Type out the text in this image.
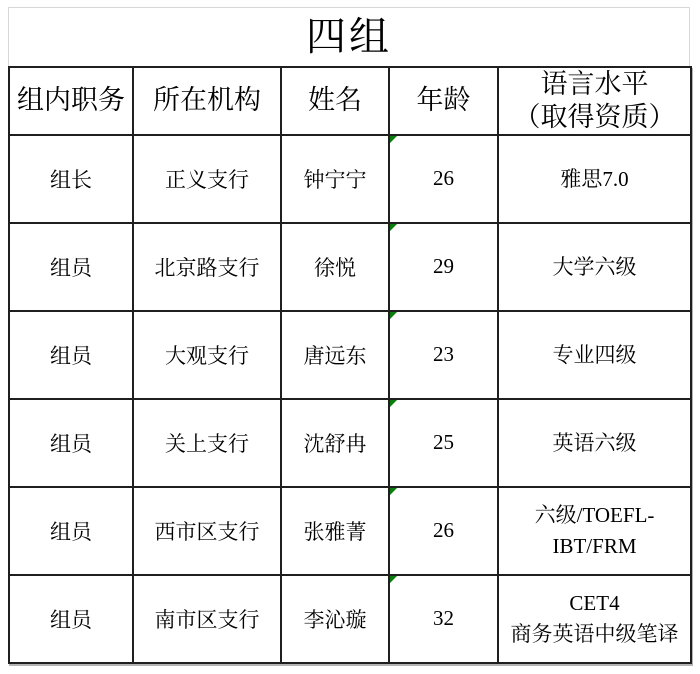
四组
组内职务	所在机构	姓名	年龄	语言水平
（取得资质）

组长	正义支行	钟宁宁	26	雅思7.0

组员	北京路支行	徐悦	29	大学六级

组员	大观支行	唐远东	23	专业四级

组员	关上支行	沈舒冉	25	英语六级

组员	西市区支行	张雅菁	26	六级/TOEFL-
IBT/FRM

组员	南市区支行	李沁璇	32	CET4
商务英语中级笔译
